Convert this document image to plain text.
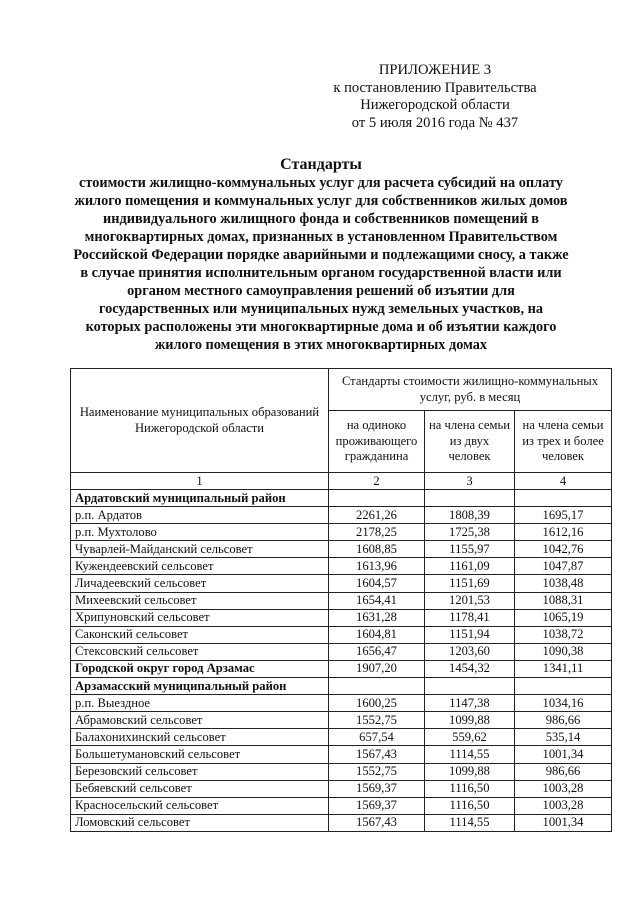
ПРИЛОЖЕНИЕ 3
к постановлению Правительства
Нижегородской области
от 5 июля 2016 года № 437
Стандарты
стоимости жилищно-коммунальных услуг для расчета субсидий на оплату
жилого помещения и коммунальных услуг для собственников жилых домов
индивидуального жилищного фонда и собственников помещений в
многоквартирных домах, признанных в установленном Правительством
Российской Федерации порядке аварийными и подлежащими сносу, а также
в случае принятия исполнительным органом государственной власти или
органом местного самоуправления решений об изъятии для
государственных или муниципальных нужд земельных участков, на
которых расположены эти многоквартирные дома и об изъятии каждого
жилого помещения в этих многоквартирных домах
Наименование муниципальных образований Нижегородской области	Стандарты стоимости жилищно-коммунальных услуг, руб. в месяц		
	на одиноко проживающего гражданина	на члена семьи из двух человек	на члена семьи из трех и более человек
1	2	3	4
Ардатовский муниципальный район			
р.п. Ардатов	2261,26	1808,39	1695,17
р.п. Мухтолово	2178,25	1725,38	1612,16
Чуварлей-Майданский сельсовет	1608,85	1155,97	1042,76
Кужендеевский сельсовет	1613,96	1161,09	1047,87
Личадеевский сельсовет	1604,57	1151,69	1038,48
Михеевский сельсовет	1654,41	1201,53	1088,31
Хрипуновский сельсовет	1631,28	1178,41	1065,19
Саконский сельсовет	1604,81	1151,94	1038,72
Стексовский сельсовет	1656,47	1203,60	1090,38
Городской округ город Арзамас	1907,20	1454,32	1341,11
Арзамасский муниципальный район			
р.п. Выездное	1600,25	1147,38	1034,16
Абрамовский сельсовет	1552,75	1099,88	986,66
Балахонихинский сельсовет	657,54	559,62	535,14
Большетумановский сельсовет	1567,43	1114,55	1001,34
Березовский сельсовет	1552,75	1099,88	986,66
Бебяевский сельсовет	1569,37	1116,50	1003,28
Красносельский сельсовет	1569,37	1116,50	1003,28
Ломовский сельсовет	1567,43	1114,55	1001,34
